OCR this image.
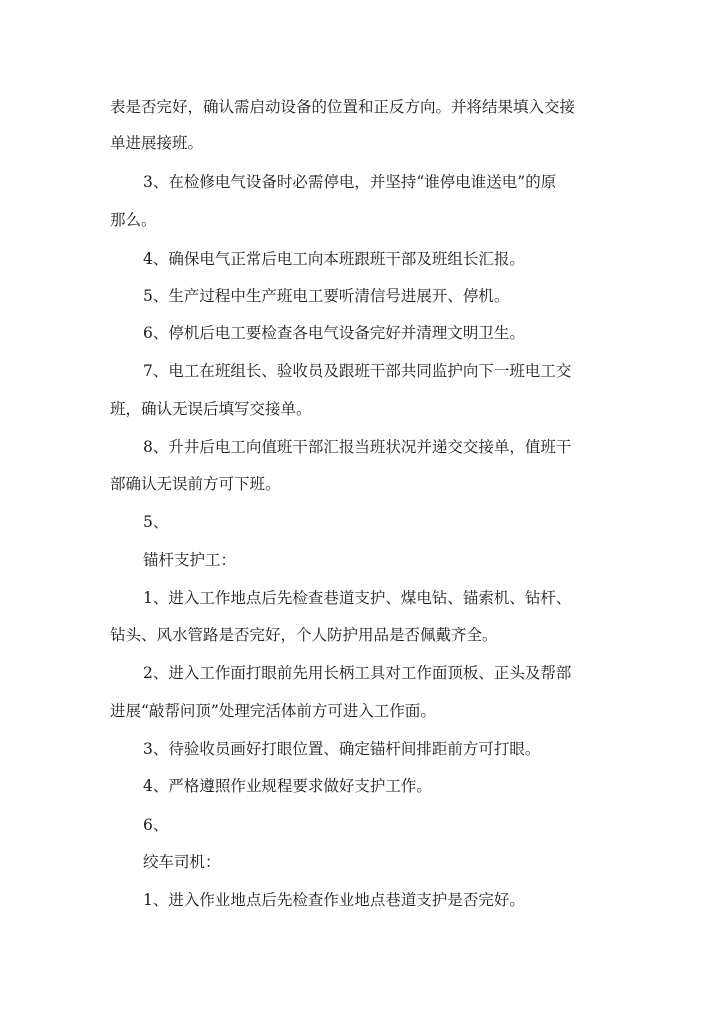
表是否完好，确认需启动设备的位置和正反方向。并将结果填入交接
单进展接班。
3、在检修电气设备时必需停电，并坚持“谁停电谁送电”的原
那么。
4、确保电气正常后电工向本班跟班干部及班组长汇报。
5、生产过程中生产班电工要听清信号进展开、停机。
6、停机后电工要检查各电气设备完好并清理文明卫生。
7、电工在班组长、验收员及跟班干部共同监护向下一班电工交
班，确认无误后填写交接单。
8、升井后电工向值班干部汇报当班状况并递交交接单，值班干
部确认无误前方可下班。
5、
锚杆支护工：
1、进入工作地点后先检查巷道支护、煤电钻、锚索机、钻杆、
钻头、风水管路是否完好，个人防护用品是否佩戴齐全。
2、进入工作面打眼前先用长柄工具对工作面顶板、正头及帮部
进展“敲帮问顶”处理完活体前方可进入工作面。
3、待验收员画好打眼位置、确定锚杆间排距前方可打眼。
4、严格遵照作业规程要求做好支护工作。
6、
绞车司机：
1、进入作业地点后先检查作业地点巷道支护是否完好。
